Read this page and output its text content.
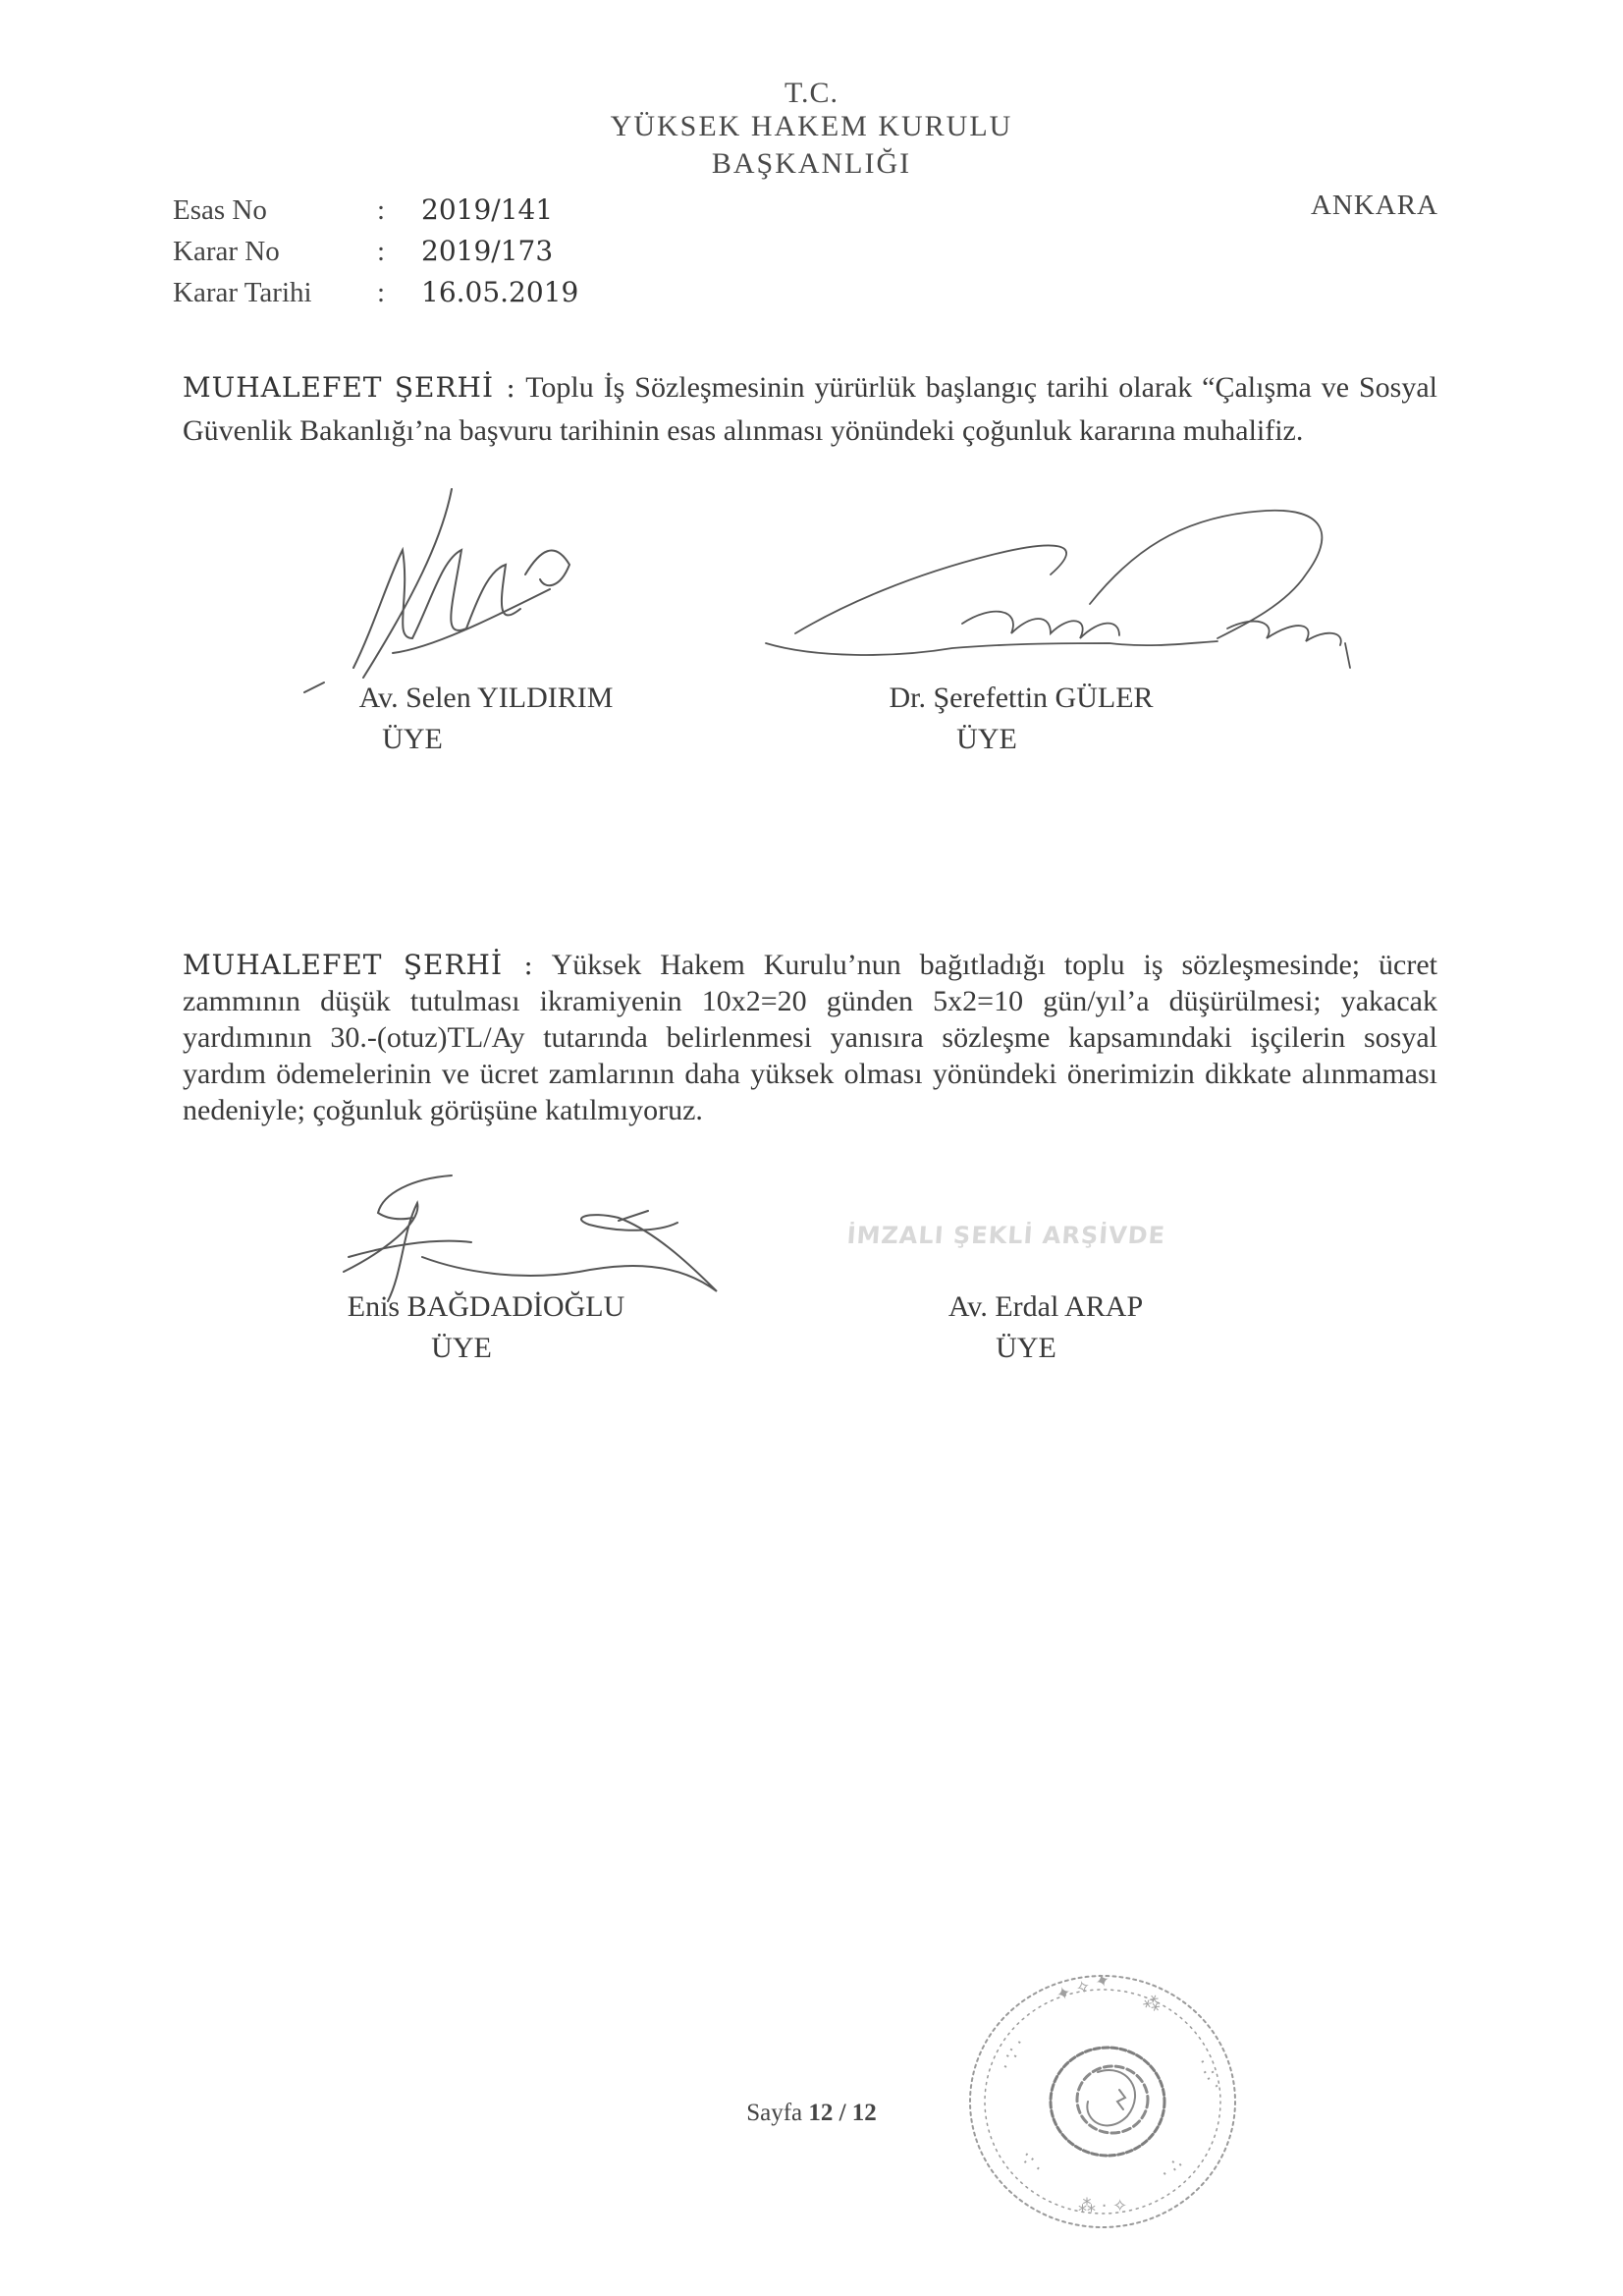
T.C.
YÜKSEK HAKEM KURULU
BAŞKANLIĞI
ANKARA
Esas No	: 2019/141
Karar No	: 2019/173
Karar Tarihi : 16.05.2019
MUHALEFET ŞERHİ : Toplu İş Sözleşmesinin yürürlük başlangıç tarihi olarak “Çalışma ve Sosyal Güvenlik Bakanlığı’na başvuru tarihinin esas alınması yönündeki çoğunluk kararına muhalifiz.
Av. Selen YILDIRIM
ÜYE
Dr. Şerefettin GÜLER
ÜYE
MUHALEFET ŞERHİ : Yüksek Hakem Kurulu’nun bağıtladığı toplu iş sözleşmesinde; ücret zammının düşük tutulması ikramiyenin 10x2=20 günden 5x2=10 gün/yıl’a düşürülmesi; yakacak yardımının 30.-(otuz)TL/Ay tutarında belirlenmesi yanısıra sözleşme kapsamındaki işçilerin sosyal yardım ödemelerinin ve ücret zamlarının daha yüksek olması yönündeki önerimizin dikkate alınmaması nedeniyle; çoğunluk görüşüne katılmıyoruz.
Enis BAĞDADİOĞLU
ÜYE
İMZALI ŞEKLİ ARŞİVDE
Av. Erdal ARAP
ÜYE
✦ ✧ ✦ ⁂
· ∵ ·	· ∴ ·
∵ ·	· ∴
⁂ · ✧
Sayfa 12 / 12
